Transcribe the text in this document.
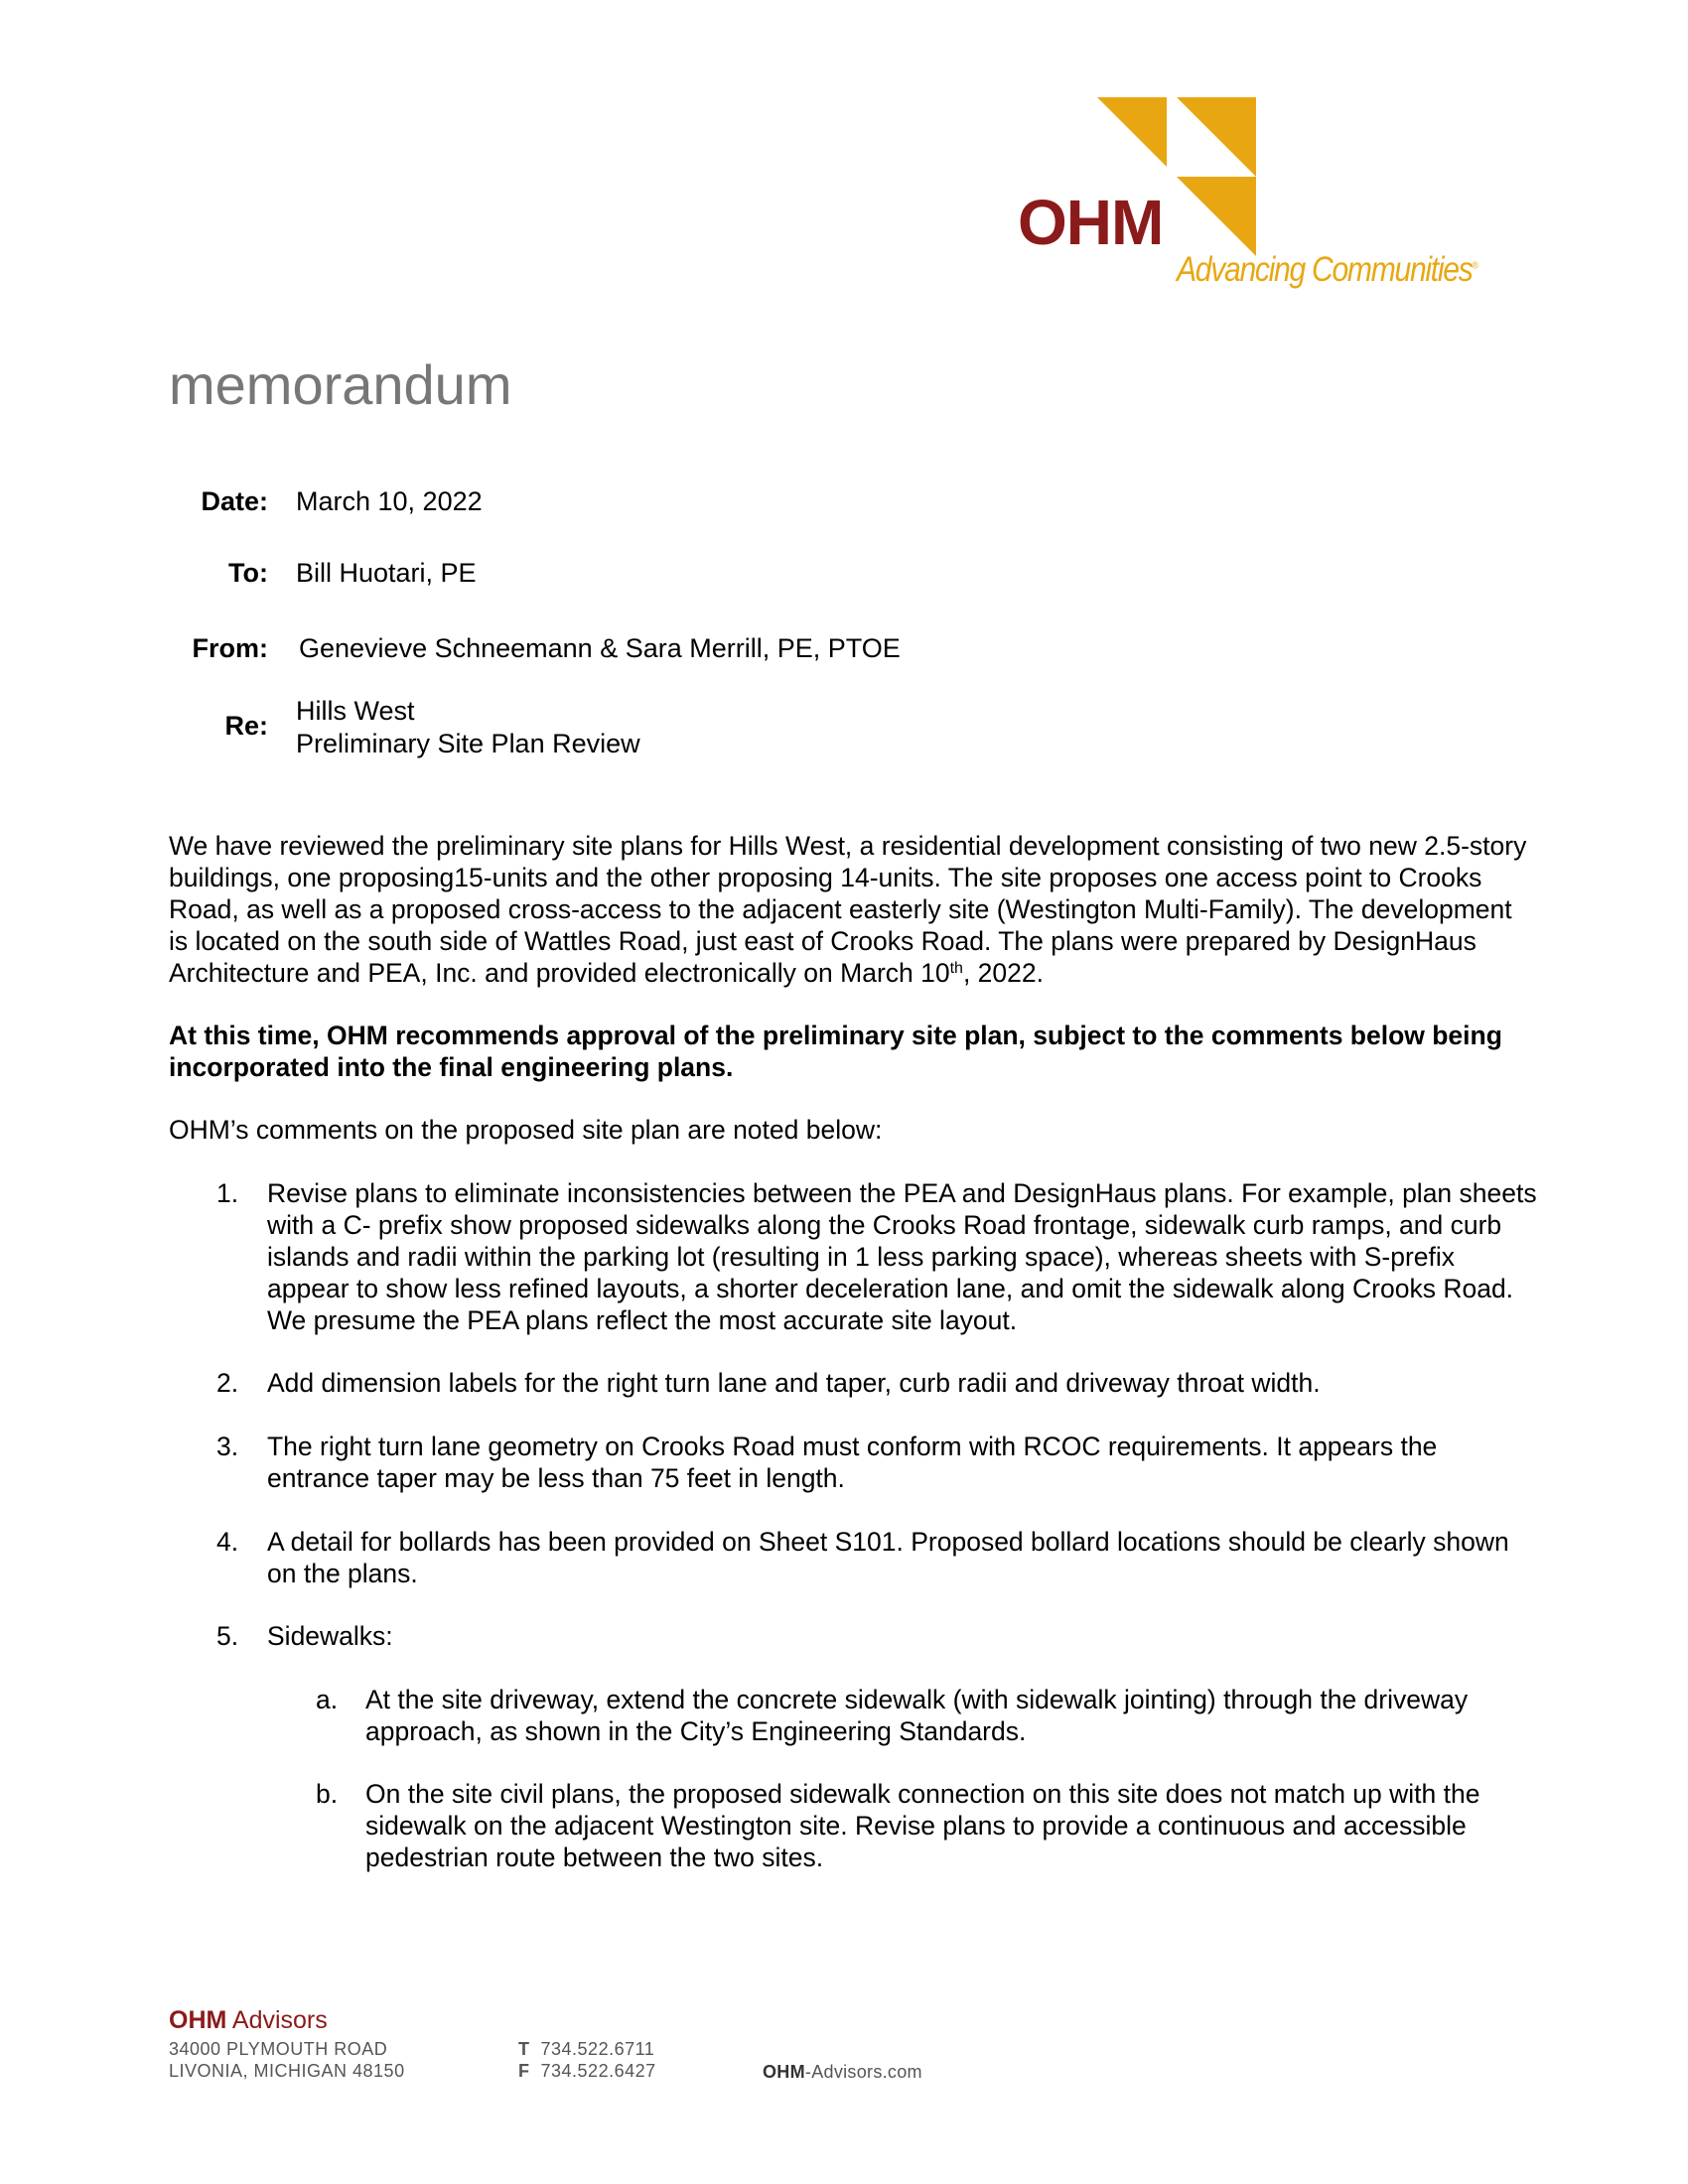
OHM
Advancing Communities®
memorandum
Date: March 10, 2022
To: Bill Huotari, PE
From: Genevieve Schneemann & Sara Merrill, PE, PTOE
Re: Hills West
Preliminary Site Plan Review
We have reviewed the preliminary site plans for Hills West, a residential development consisting of two new 2.5-story buildings, one proposing15-units and the other proposing 14-units. The site proposes one access point to Crooks Road, as well as a proposed cross-access to the adjacent easterly site (Westington Multi-Family). The development is located on the south side of Wattles Road, just east of Crooks Road. The plans were prepared by DesignHaus Architecture and PEA, Inc. and provided electronically on March 10th, 2022.
At this time, OHM recommends approval of the preliminary site plan, subject to the comments below being incorporated into the final engineering plans.
OHM’s comments on the proposed site plan are noted below:
1. Revise plans to eliminate inconsistencies between the PEA and DesignHaus plans. For example, plan sheets with a C- prefix show proposed sidewalks along the Crooks Road frontage, sidewalk curb ramps, and curb islands and radii within the parking lot (resulting in 1 less parking space), whereas sheets with S-prefix appear to show less refined layouts, a shorter deceleration lane, and omit the sidewalk along Crooks Road. We presume the PEA plans reflect the most accurate site layout.
2. Add dimension labels for the right turn lane and taper, curb radii and driveway throat width.
3. The right turn lane geometry on Crooks Road must conform with RCOC requirements. It appears the entrance taper may be less than 75 feet in length.
4. A detail for bollards has been provided on Sheet S101. Proposed bollard locations should be clearly shown on the plans.
5. Sidewalks:
a. At the site driveway, extend the concrete sidewalk (with sidewalk jointing) through the driveway approach, as shown in the City’s Engineering Standards.
b. On the site civil plans, the proposed sidewalk connection on this site does not match up with the sidewalk on the adjacent Westington site. Revise plans to provide a continuous and accessible pedestrian route between the two sites.
OHM Advisors
34000 PLYMOUTH ROAD
LIVONIA, MICHIGAN 48150
T 734.522.6711
F 734.522.6427	OHM-Advisors.com
